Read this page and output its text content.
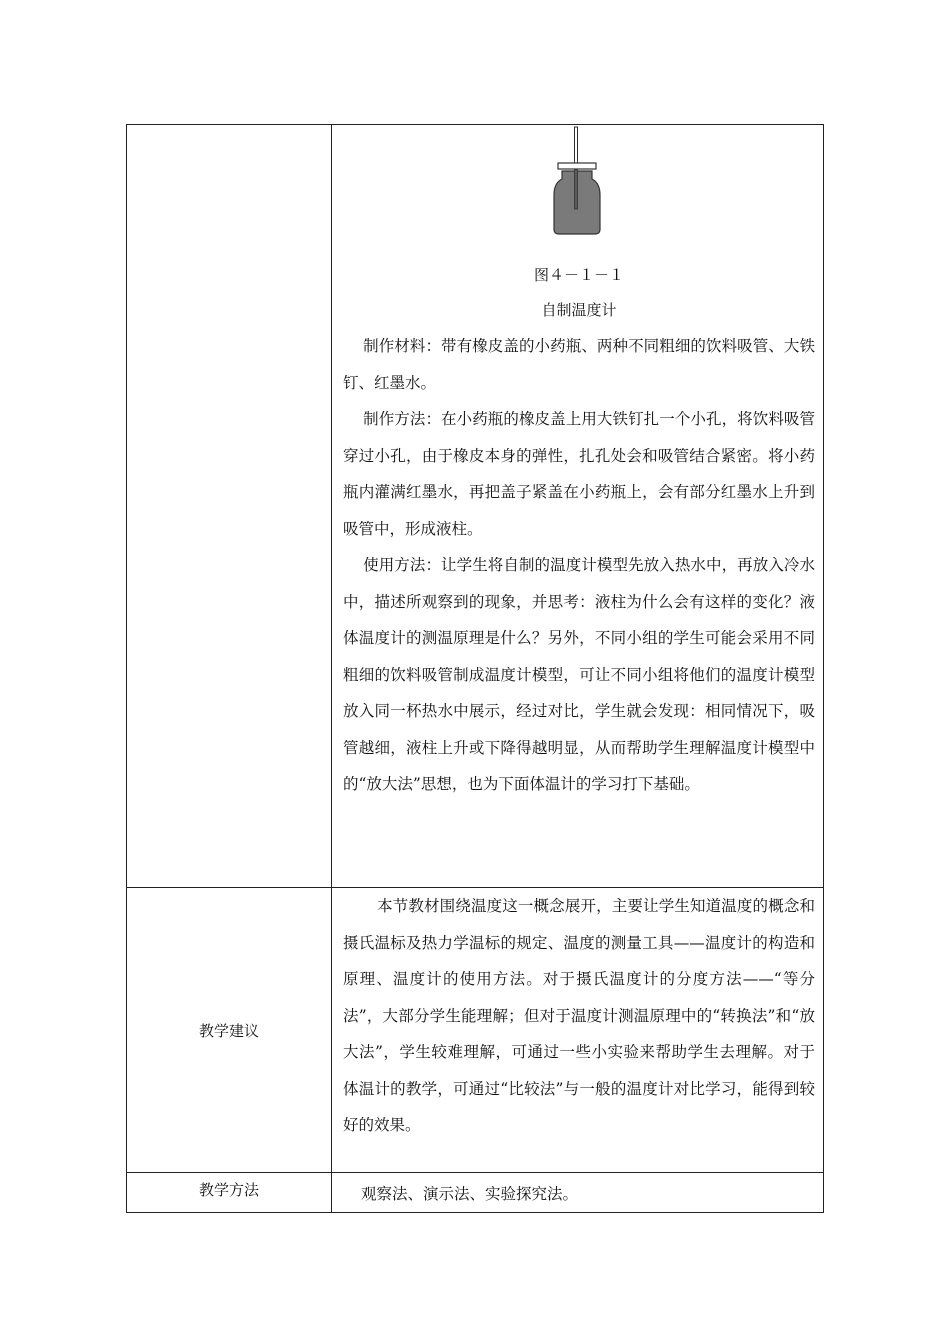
图４－１－１
自制温度计

制作材料：带有橡皮盖的小药瓶、两种不同粗细的饮料吸管、大铁钉、红墨水。

制作方法：在小药瓶的橡皮盖上用大铁钉扎一个小孔，将饮料吸管穿过小孔，由于橡皮本身的弹性，扎孔处会和吸管结合紧密。将小药瓶内灌满红墨水，再把盖子紧盖在小药瓶上，会有部分红墨水上升到吸管中，形成液柱。

使用方法：让学生将自制的温度计模型先放入热水中，再放入冷水中，描述所观察到的现象，并思考：液柱为什么会有这样的变化？液体温度计的测温原理是什么？另外，不同小组的学生可能会采用不同粗细的饮料吸管制成温度计模型，可让不同小组将他们的温度计模型放入同一杯热水中展示，经过对比，学生就会发现：相同情况下，吸管越细，液柱上升或下降得越明显，从而帮助学生理解温度计模型中的“放大法”思想，也为下面体温计的学习打下基础。

教学建议

本节教材围绕温度这一概念展开，主要让学生知道温度的概念和摄氏温标及热力学温标的规定、温度的测量工具——温度计的构造和原理、温度计的使用方法。对于摄氏温度计的分度方法——“等分法”，大部分学生能理解；但对于温度计测温原理中的“转换法”和“放大法”，学生较难理解，可通过一些小实验来帮助学生去理解。对于体温计的教学，可通过“比较法”与一般的温度计对比学习，能得到较好的效果。

教学方法	观察法、演示法、实验探究法。
